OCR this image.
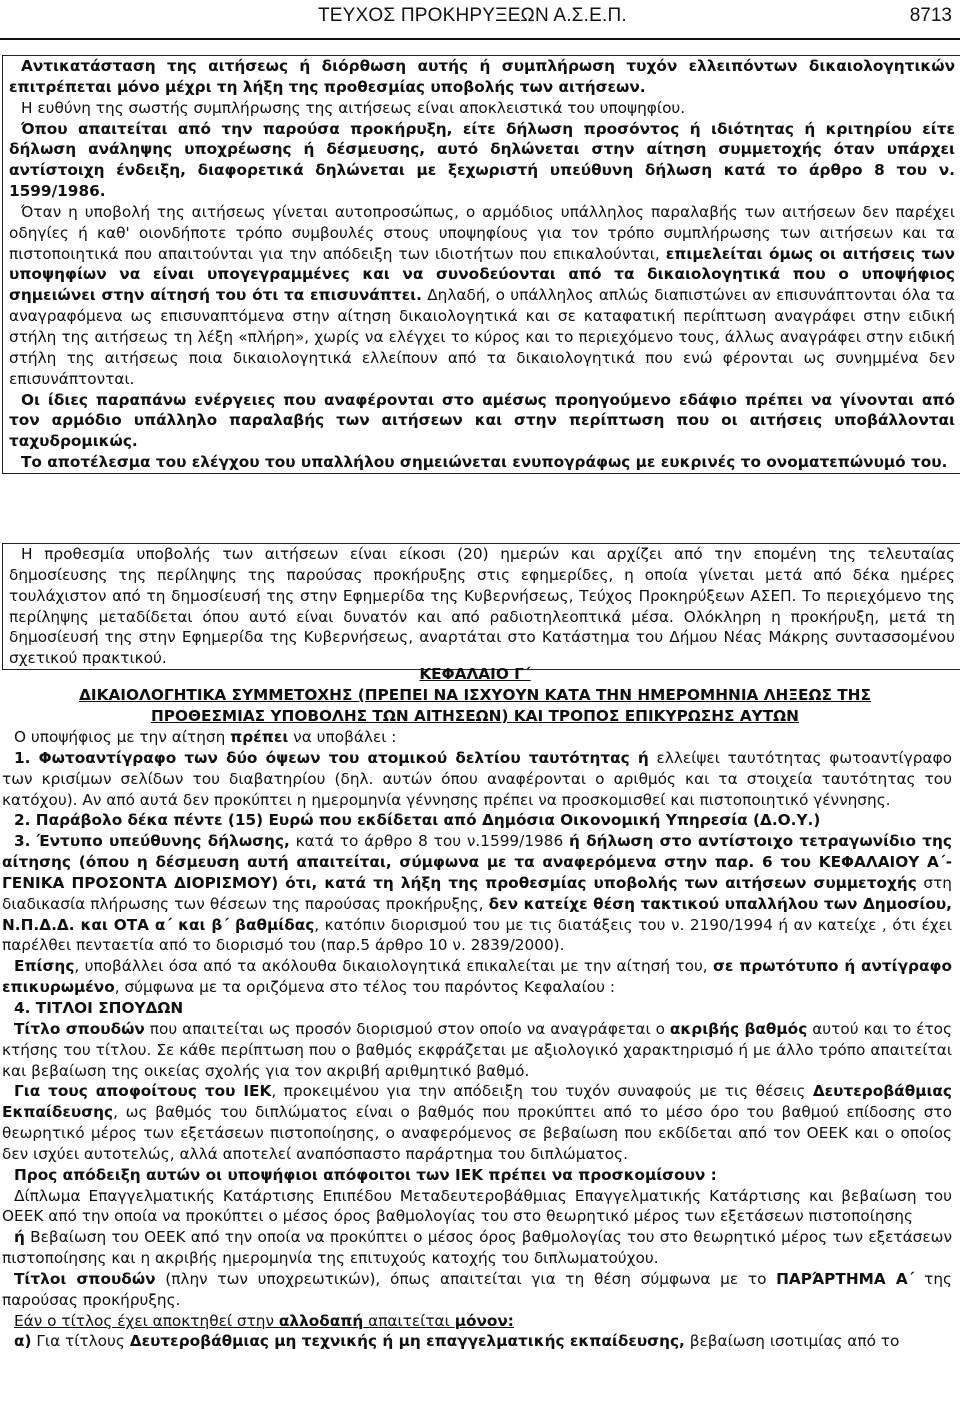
ΤΕΥΧΟΣ ΠΡΟΚΗΡΥΞΕΩΝ Α.Σ.Ε.Π.	8713

Αντικατάσταση της αιτήσεως ή διόρθωση αυτής ή συμπλήρωση τυχόν ελλειπόντων δικαιολογητικών επιτρέπεται μόνο μέχρι τη λήξη της προθεσμίας υποβολής των αιτήσεων.

Η ευθύνη της σωστής συμπλήρωσης της αιτήσεως είναι αποκλειστικά του υποψηφίου.

Όπου απαιτείται από την παρούσα προκήρυξη, είτε δήλωση προσόντος ή ιδιότητας ή κριτηρίου είτε δήλωση ανάληψης υποχρέωσης ή δέσμευσης, αυτό δηλώνεται στην αίτηση συμμετοχής όταν υπάρχει αντίστοιχη ένδειξη, διαφορετικά δηλώνεται με ξεχωριστή υπεύθυνη δήλωση κατά το άρθρο 8 του ν. 1599/1986.

Όταν η υποβολή της αιτήσεως γίνεται αυτοπροσώπως, ο αρμόδιος υπάλληλος παραλαβής των αιτήσεων δεν παρέχει οδηγίες ή καθ' οιονδήποτε τρόπο συμβουλές στους υποψηφίους για τον τρόπο συμπλήρωσης των αιτήσεων και τα πιστοποιητικά που απαιτούνται για την απόδειξη των ιδιοτήτων που επικαλούνται, επιμελείται όμως οι αιτήσεις των υποψηφίων να είναι υπογεγραμμένες και να συνοδεύονται από τα δικαιολογητικά που ο υποψήφιος σημειώνει στην αίτησή του ότι τα επισυνάπτει. Δηλαδή, ο υπάλληλος απλώς διαπιστώνει αν επισυνάπτονται όλα τα αναγραφόμενα ως επισυναπτόμενα στην αίτηση δικαιολογητικά και σε καταφατική περίπτωση αναγράφει στην ειδική στήλη της αιτήσεως τη λέξη «πλήρη», χωρίς να ελέγχει το κύρος και το περιεχόμενο τους, άλλως αναγράφει στην ειδική στήλη της αιτήσεως ποια δικαιολογητικά ελλείπουν από τα δικαιολογητικά που ενώ φέρονται ως συνημμένα δεν επισυνάπτονται.

Οι ίδιες παραπάνω ενέργειες που αναφέρονται στο αμέσως προηγούμενο εδάφιο πρέπει να γίνονται από τον αρμόδιο υπάλληλο παραλαβής των αιτήσεων και στην περίπτωση που οι αιτήσεις υποβάλλονται ταχυδρομικώς.

Το αποτέλεσμα του ελέγχου του υπαλλήλου σημειώνεται ενυπογράφως με ευκρινές το ονοματεπώνυμό του.

Η προθεσμία υποβολής των αιτήσεων είναι είκοσι (20) ημερών και αρχίζει από την επομένη της τελευταίας δημοσίευσης της περίληψης της παρούσας προκήρυξης στις εφημερίδες, η οποία γίνεται μετά από δέκα ημέρες τουλάχιστον από τη δημοσίευσή της στην Εφημερίδα της Κυβερνήσεως, Τεύχος Προκηρύξεων ΑΣΕΠ. Το περιεχόμενο της περίληψης μεταδίδεται όπου αυτό είναι δυνατόν και από ραδιοτηλεοπτικά μέσα. Ολόκληρη η προκήρυξη, μετά τη δημοσίευσή της στην Εφημερίδα της Κυβερνήσεως, αναρτάται στο Κατάστημα του Δήμου Νέας Μάκρης συντασσομένου σχετικού πρακτικού.

ΚΕΦΑΛΑΙΟ Γ΄

ΔΙΚΑΙΟΛΟΓΗΤΙΚΑ ΣΥΜΜΕΤΟΧΗΣ (ΠΡΕΠΕΙ ΝΑ ΙΣΧΥΟΥΝ ΚΑΤΑ ΤΗΝ ΗΜΕΡΟΜΗΝΙΑ ΛΗΞΕΩΣ ΤΗΣ

ΠΡΟΘΕΣΜΙΑΣ ΥΠΟΒΟΛΗΣ ΤΩΝ ΑΙΤΗΣΕΩΝ) ΚΑΙ ΤΡΟΠΟΣ ΕΠΙΚΥΡΩΣΗΣ ΑΥΤΩΝ

Ο υποψήφιος με την αίτηση πρέπει να υποβάλει :

1. Φωτοαντίγραφο των δύο όψεων του ατομικού δελτίου ταυτότητας ή ελλείψει ταυτότητας φωτοαντίγραφο των κρισίμων σελίδων του διαβατηρίου (δηλ. αυτών όπου αναφέρονται ο αριθμός και τα στοιχεία ταυτότητας του κατόχου). Αν από αυτά δεν προκύπτει η ημερομηνία γέννησης πρέπει να προσκομισθεί και πιστοποιητικό γέννησης.

2. Παράβολο δέκα πέντε (15) Ευρώ που εκδίδεται από Δημόσια Οικονομική Υπηρεσία (Δ.Ο.Υ.)

3. Έντυπο υπεύθυνης δήλωσης, κατά το άρθρο 8 του ν.1599/1986 ή δήλωση στο αντίστοιχο τετραγωνίδιο της αίτησης (όπου η δέσμευση αυτή απαιτείται, σύμφωνα με τα αναφερόμενα στην παρ. 6 του ΚΕΦΑΛΑΙΟΥ Α΄-ΓΕΝΙΚΑ ΠΡΟΣΟΝΤΑ ΔΙΟΡΙΣΜΟΥ) ότι, κατά τη λήξη της προθεσμίας υποβολής των αιτήσεων συμμετοχής στη διαδικασία πλήρωσης των θέσεων της παρούσας προκήρυξης, δεν κατείχε θέση τακτικού υπαλλήλου των Δημοσίου, Ν.Π.Δ.Δ. και ΟΤΑ α΄ και β΄ βαθμίδας, κατόπιν διορισμού του με τις διατάξεις του ν. 2190/1994 ή αν κατείχε , ότι έχει παρέλθει πενταετία από το διορισμό του (παρ.5 άρθρο 10 ν. 2839/2000).

Επίσης, υποβάλλει όσα από τα ακόλουθα δικαιολογητικά επικαλείται με την αίτησή του, σε πρωτότυπο ή αντίγραφο επικυρωμένο, σύμφωνα με τα οριζόμενα στο τέλος του παρόντος Κεφαλαίου :

4. ΤΙΤΛΟΙ ΣΠΟΥΔΩΝ

Τίτλο σπουδών που απαιτείται ως προσόν διορισμού στον οποίο να αναγράφεται ο ακριβής βαθμός αυτού και το έτος κτήσης του τίτλου. Σε κάθε περίπτωση που ο βαθμός εκφράζεται με αξιολογικό χαρακτηρισμό ή με άλλο τρόπο απαιτείται και βεβαίωση της οικείας σχολής για τον ακριβή αριθμητικό βαθμό.

Για τους αποφοίτους του ΙΕΚ, προκειμένου για την απόδειξη του τυχόν συναφούς με τις θέσεις Δευτεροβάθμιας Εκπαίδευσης, ως βαθμός του διπλώματος είναι ο βαθμός που προκύπτει από το μέσο όρο του βαθμού επίδοσης στο θεωρητικό μέρος των εξετάσεων πιστοποίησης, ο αναφερόμενος σε βεβαίωση που εκδίδεται από τον ΟΕΕΚ και ο οποίος δεν ισχύει αυτοτελώς, αλλά αποτελεί αναπόσπαστο παράρτημα του διπλώματος.

Προς απόδειξη αυτών οι υποψήφιοι απόφοιτοι των ΙΕΚ πρέπει να προσκομίσουν :

Δίπλωμα Επαγγελματικής Κατάρτισης Επιπέδου Μεταδευτεροβάθμιας Επαγγελματικής Κατάρτισης και βεβαίωση του ΟΕΕΚ από την οποία να προκύπτει ο μέσος όρος βαθμολογίας του στο θεωρητικό μέρος των εξετάσεων πιστοποίησης

ή Βεβαίωση του ΟΕΕΚ από την οποία να προκύπτει ο μέσος όρος βαθμολογίας του στο θεωρητικό μέρος των εξετάσεων πιστοποίησης και η ακριβής ημερομηνία της επιτυχούς κατοχής του διπλωματούχου.

Τίτλοι σπουδών (πλην των υποχρεωτικών), όπως απαιτείται για τη θέση σύμφωνα με το ΠΑΡΆΡΤΗΜΑ Α΄ της παρούσας προκήρυξης.

Εάν ο τίτλος έχει αποκτηθεί στην αλλοδαπή απαιτείται μόνον:

α) Για τίτλους Δευτεροβάθμιας μη τεχνικής ή μη επαγγελματικής εκπαίδευσης, βεβαίωση ισοτιμίας από το
